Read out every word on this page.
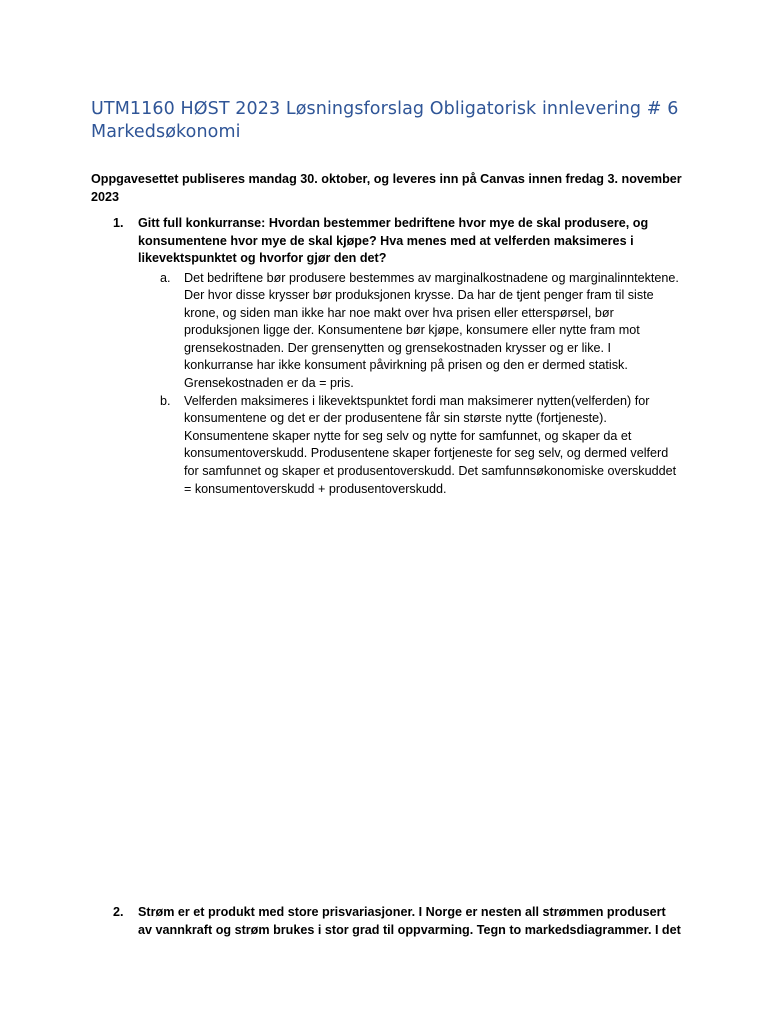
UTM1160 HØST 2023 Løsningsforslag Obligatorisk innlevering # 6 Markedsøkonomi
Oppgavesettet publiseres mandag 30. oktober, og leveres inn på Canvas innen fredag 3. november 2023
1. Gitt full konkurranse: Hvordan bestemmer bedriftene hvor mye de skal produsere, og konsumentene hvor mye de skal kjøpe? Hva menes med at velferden maksimeres i likevektspunktet og hvorfor gjør den det?
a. Det bedriftene bør produsere bestemmes av marginalkostnadene og marginalinntektene. Der hvor disse krysser bør produksjonen krysse. Da har de tjent penger fram til siste krone, og siden man ikke har noe makt over hva prisen eller etterspørsel, bør produksjonen ligge der. Konsumentene bør kjøpe, konsumere eller nytte fram mot grensekostnaden. Der grensenytten og grensekostnaden krysser og er like. I konkurranse har ikke konsument påvirkning på prisen og den er dermed statisk. Grensekostnaden er da = pris.
b. Velferden maksimeres i likevektspunktet fordi man maksimerer nytten(velferden) for konsumentene og det er der produsentene får sin største nytte (fortjeneste). Konsumentene skaper nytte for seg selv og nytte for samfunnet, og skaper da et konsumentoverskudd. Produsentene skaper fortjeneste for seg selv, og dermed velferd for samfunnet og skaper et produsentoverskudd. Det samfunnsøkonomiske overskuddet = konsumentoverskudd + produsentoverskudd.
2. Strøm er et produkt med store prisvariasjoner. I Norge er nesten all strømmen produsert av vannkraft og strøm brukes i stor grad til oppvarming. Tegn to markedsdiagrammer. I det
